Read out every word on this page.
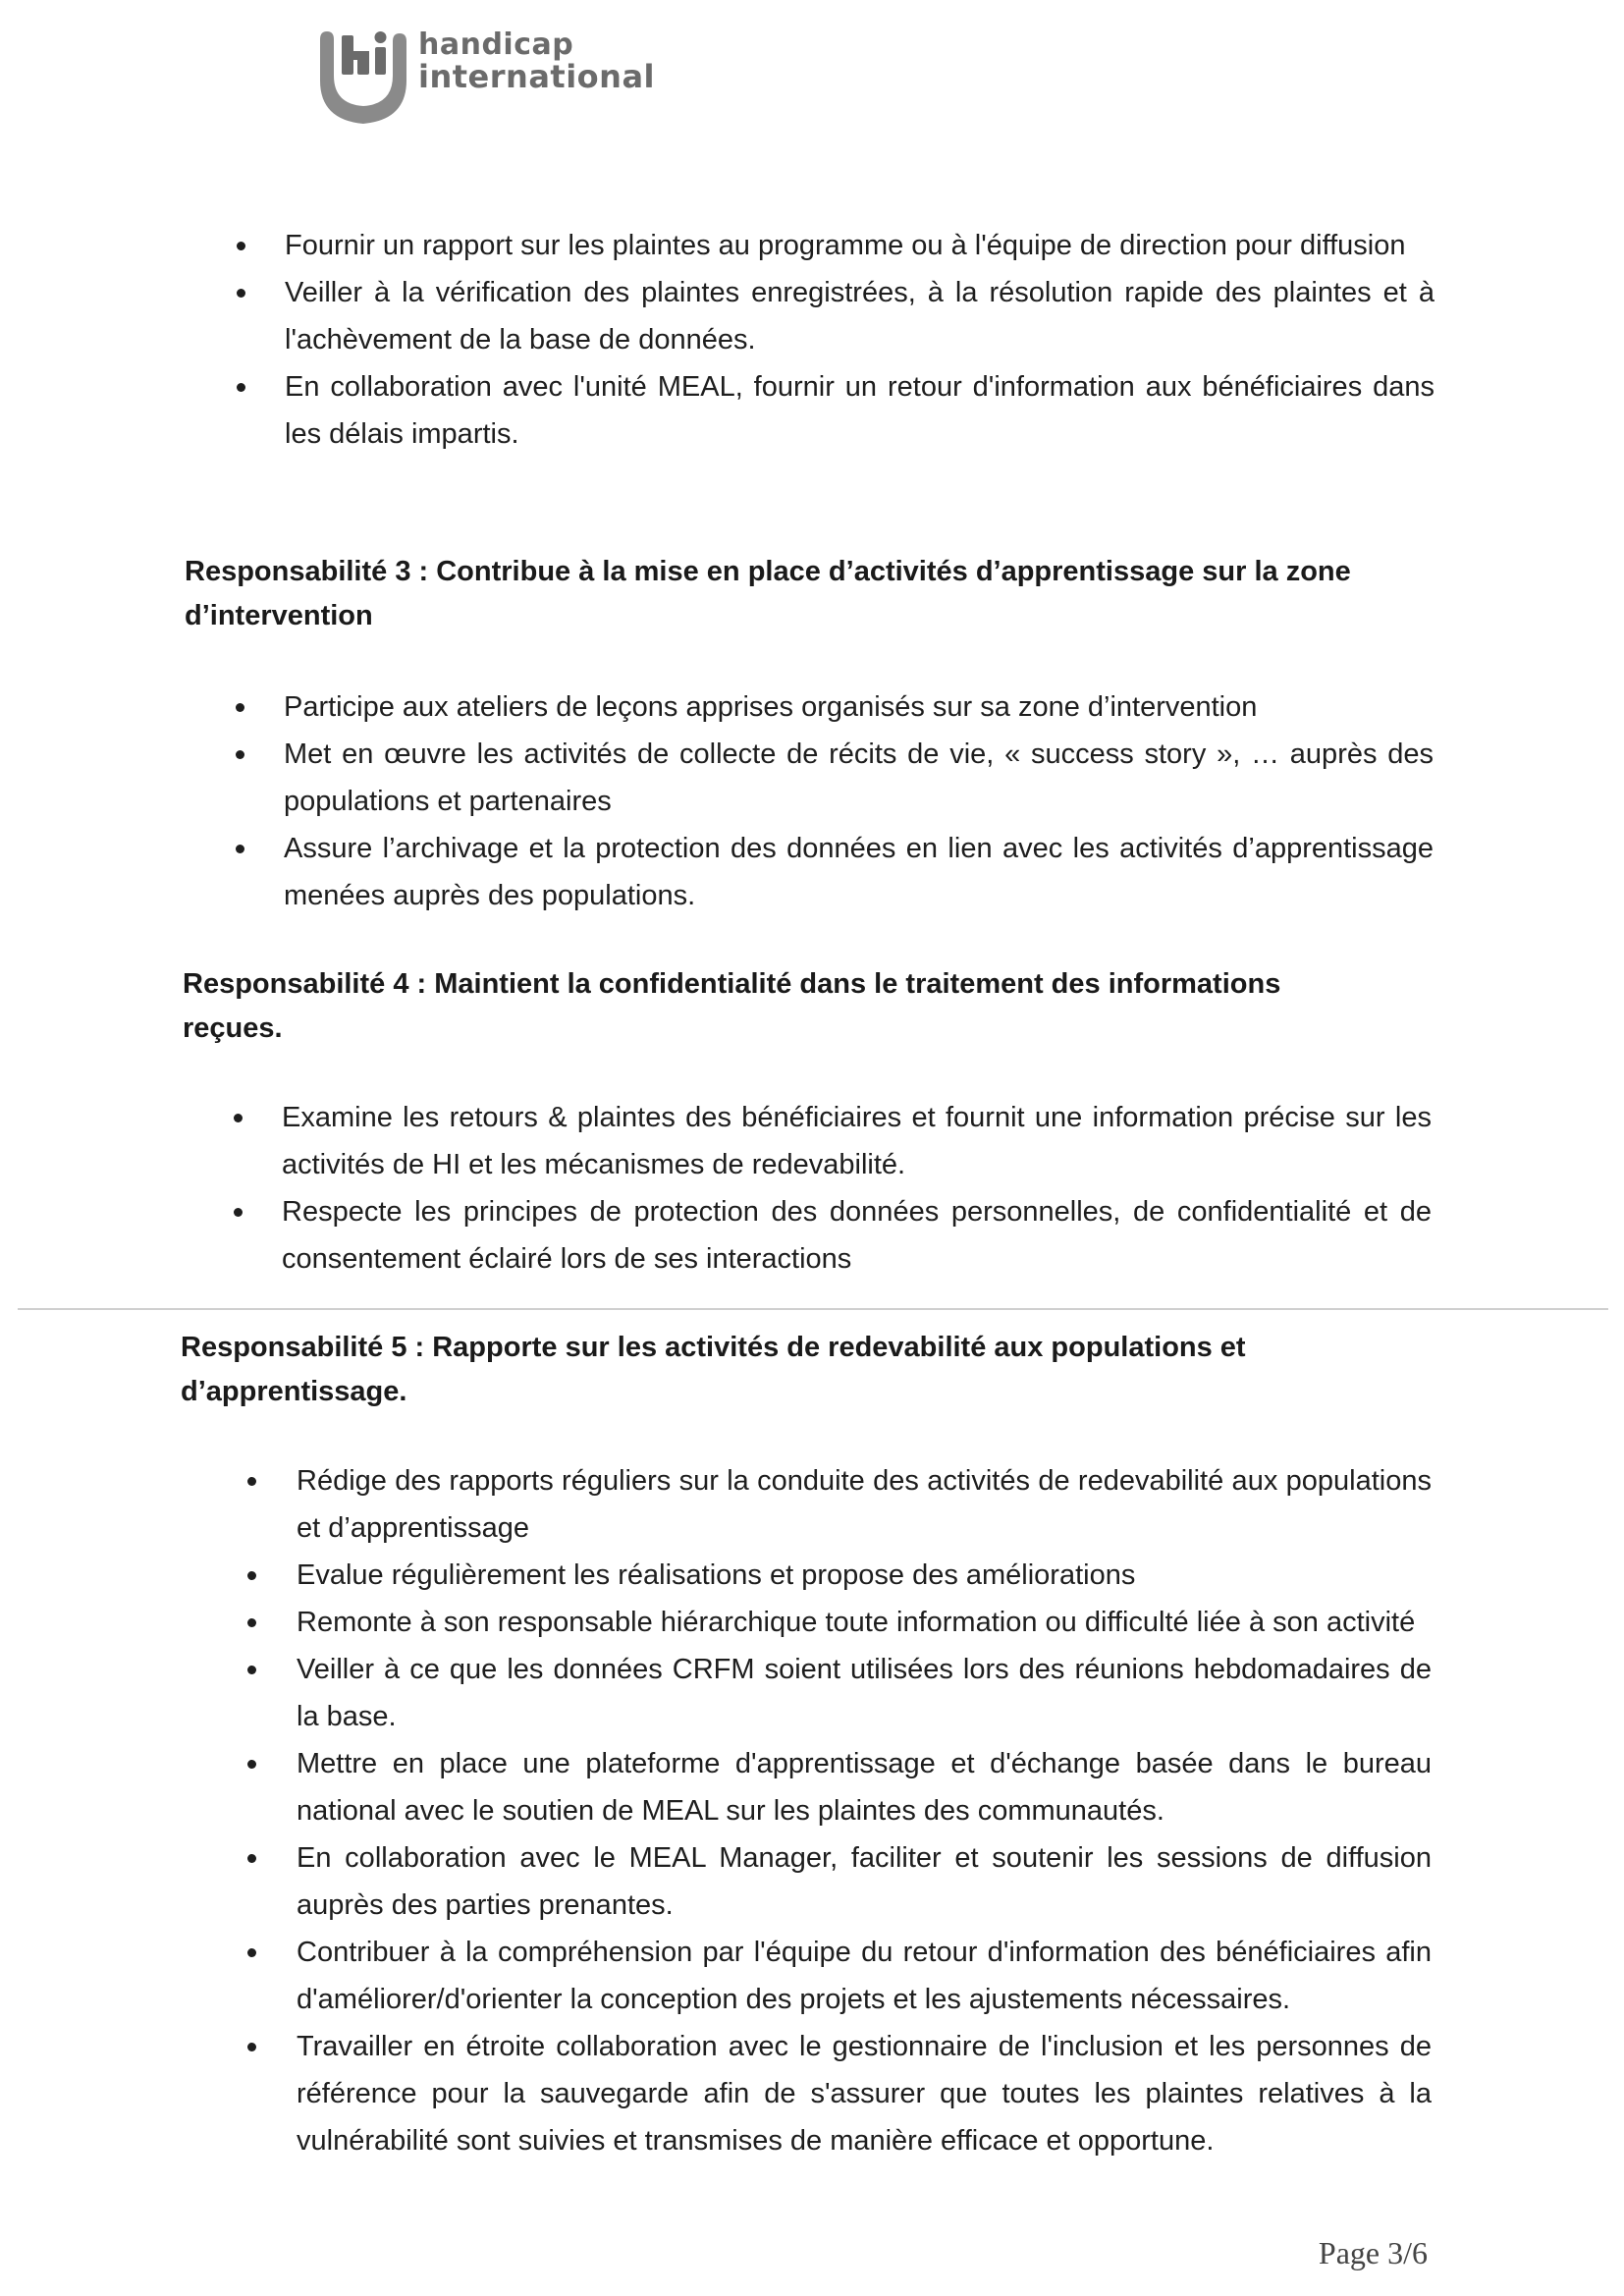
handicap
international
Fournir un rapport sur les plaintes au programme ou à l'équipe de direction pour diffusion
Veiller à la vérification des plaintes enregistrées, à la résolution rapide des plaintes et à l'achèvement de la base de données.
En collaboration avec l'unité MEAL, fournir un retour d'information aux bénéficiaires dans les délais impartis.
Responsabilité 3 : Contribue à la mise en place d’activités d’apprentissage sur la zone d’intervention
Participe aux ateliers de leçons apprises organisés sur sa zone d’intervention
Met en œuvre les activités de collecte de récits de vie, « success story », … auprès des populations et partenaires
Assure l’archivage et la protection des données en lien avec les activités d’apprentissage menées auprès des populations.
Responsabilité 4 : Maintient la confidentialité dans le traitement des informations reçues.
Examine les retours & plaintes des bénéficiaires et fournit une information précise sur les activités de HI et les mécanismes de redevabilité.
Respecte les principes de protection des données personnelles, de confidentialité et de consentement éclairé lors de ses interactions
Responsabilité 5 : Rapporte sur les activités de redevabilité aux populations et d’apprentissage.
Rédige des rapports réguliers sur la conduite des activités de redevabilité aux populations et d’apprentissage
Evalue régulièrement les réalisations et propose des améliorations
Remonte à son responsable hiérarchique toute information ou difficulté liée à son activité
Veiller à ce que les données CRFM soient utilisées lors des réunions hebdomadaires de la base.
Mettre en place une plateforme d'apprentissage et d'échange basée dans le bureau national avec le soutien de MEAL sur les plaintes des communautés.
En collaboration avec le MEAL Manager, faciliter et soutenir les sessions de diffusion auprès des parties prenantes.
Contribuer à la compréhension par l'équipe du retour d'information des bénéficiaires afin d'améliorer/d'orienter la conception des projets et les ajustements nécessaires.
Travailler en étroite collaboration avec le gestionnaire de l'inclusion et les personnes de référence pour la sauvegarde afin de s'assurer que toutes les plaintes relatives à la vulnérabilité sont suivies et transmises de manière efficace et opportune.
Page 3/6
